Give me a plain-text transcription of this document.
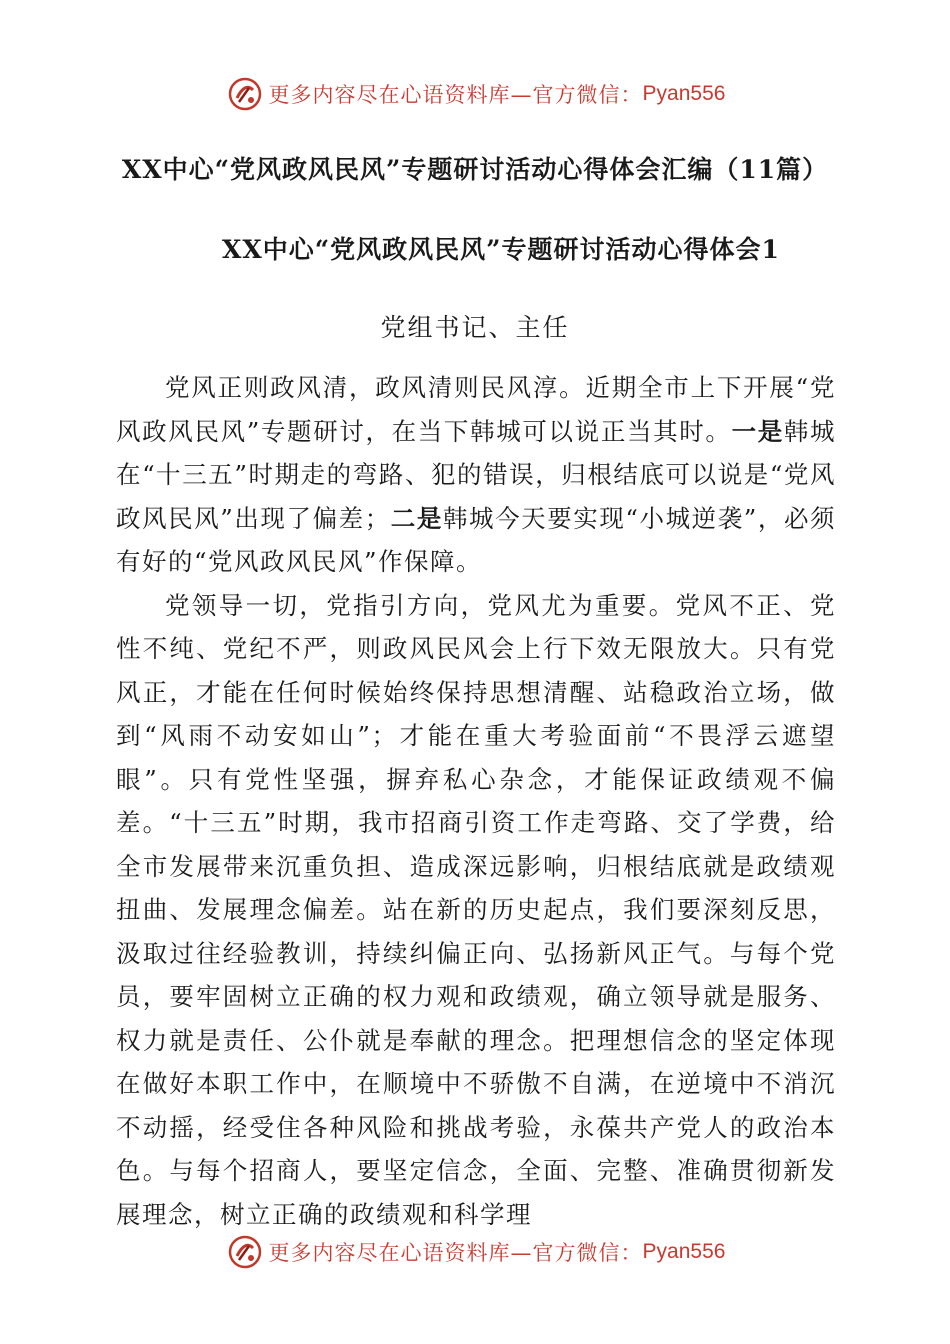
更多内容尽在心语资料库—官方微信： Pyan556
XX中心“党风政风民风”专题研讨活动心得体会汇编（11篇）
XX中心“党风政风民风”专题研讨活动心得体会1
党组书记、主任

党风正则政风清，政风清则民风淳。近期全市上下开展“党风政风民风”专题研讨，在当下韩城可以说正当其时。一是韩城在“十三五”时期走的弯路、犯的错误，归根结底可以说是“党风政风民风”出现了偏差；二是韩城今天要实现“小城逆袭”，必须有好的“党风政风民风”作保障。

党领导一切，党指引方向，党风尤为重要。党风不正、党性不纯、党纪不严，则政风民风会上行下效无限放大。只有党风正，才能在任何时候始终保持思想清醒、站稳政治立场，做到“风雨不动安如山”；才能在重大考验面前“不畏浮云遮望眼”。只有党性坚强，摒弃私心杂念，才能保证政绩观不偏差。“十三五”时期，我市招商引资工作走弯路、交了学费，给全市发展带来沉重负担、造成深远影响，归根结底就是政绩观扭曲、发展理念偏差。站在新的历史起点，我们要深刻反思，汲取过往经验教训，持续纠偏正向、弘扬新风正气。与每个党员，要牢固树立正确的权力观和政绩观，确立领导就是服务、权力就是责任、公仆就是奉献的理念。把理想信念的坚定体现在做好本职工作中，在顺境中不骄傲不自满，在逆境中不消沉不动摇，经受住各种风险和挑战考验，永葆共产党人的政治本色。与每个招商人，要坚定信念，全面、完整、准确贯彻新发展理念，树立正确的政绩观和科学理

更多内容尽在心语资料库—官方微信： Pyan556
